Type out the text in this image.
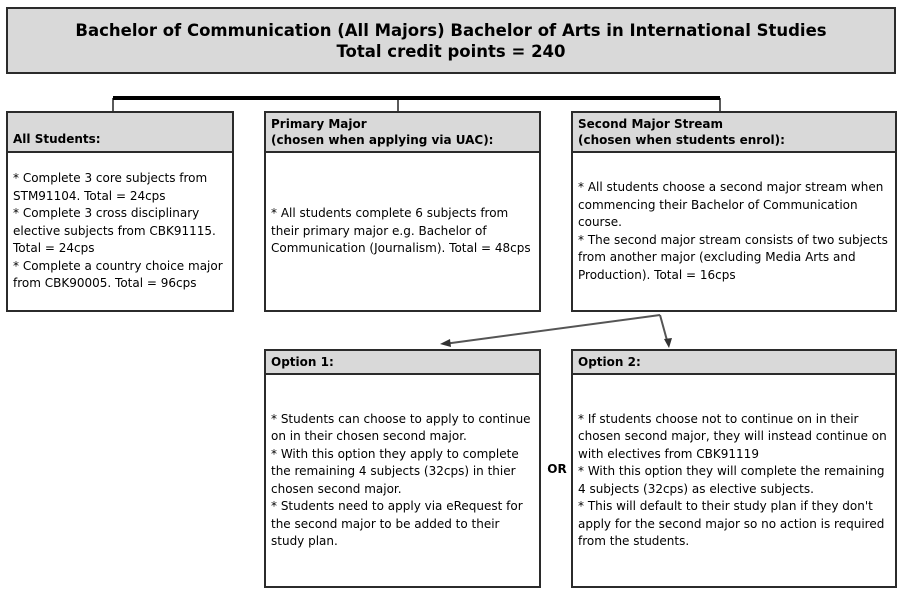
Bachelor of Communication (All Majors) Bachelor of Arts in International Studies
Total credit points = 240
All Students:

* Complete 3 core subjects from STM91104. Total = 24cps

* Complete 3 cross disciplinary elective subjects from CBK91115. Total = 24cps

* Complete a country choice major from CBK90005. Total = 96cps

Primary Major
(chosen when applying via UAC):

* All students complete 6 subjects from their primary major e.g. Bachelor of Communication (Journalism). Total = 48cps

Second Major Stream
(chosen when students enrol):

* All students choose a second major stream when commencing their Bachelor of Communication course.

* The second major stream consists of two subjects from another major (excluding Media Arts and Production). Total = 16cps

Option 1:

* Students can choose to apply to continue on in their chosen second major.

* With this option they apply to complete the remaining 4 subjects (32cps) in thier chosen second major.

* Students need to apply via eRequest for the second major to be added to their study plan.

OR
Option 2:

* If students choose not to continue on in their chosen second major, they will instead continue on with electives from CBK91119

* With this option they will complete the remaining 4 subjects (32cps) as elective subjects.

* This will default to their study plan if they don't apply for the second major so no action is required from the students.
